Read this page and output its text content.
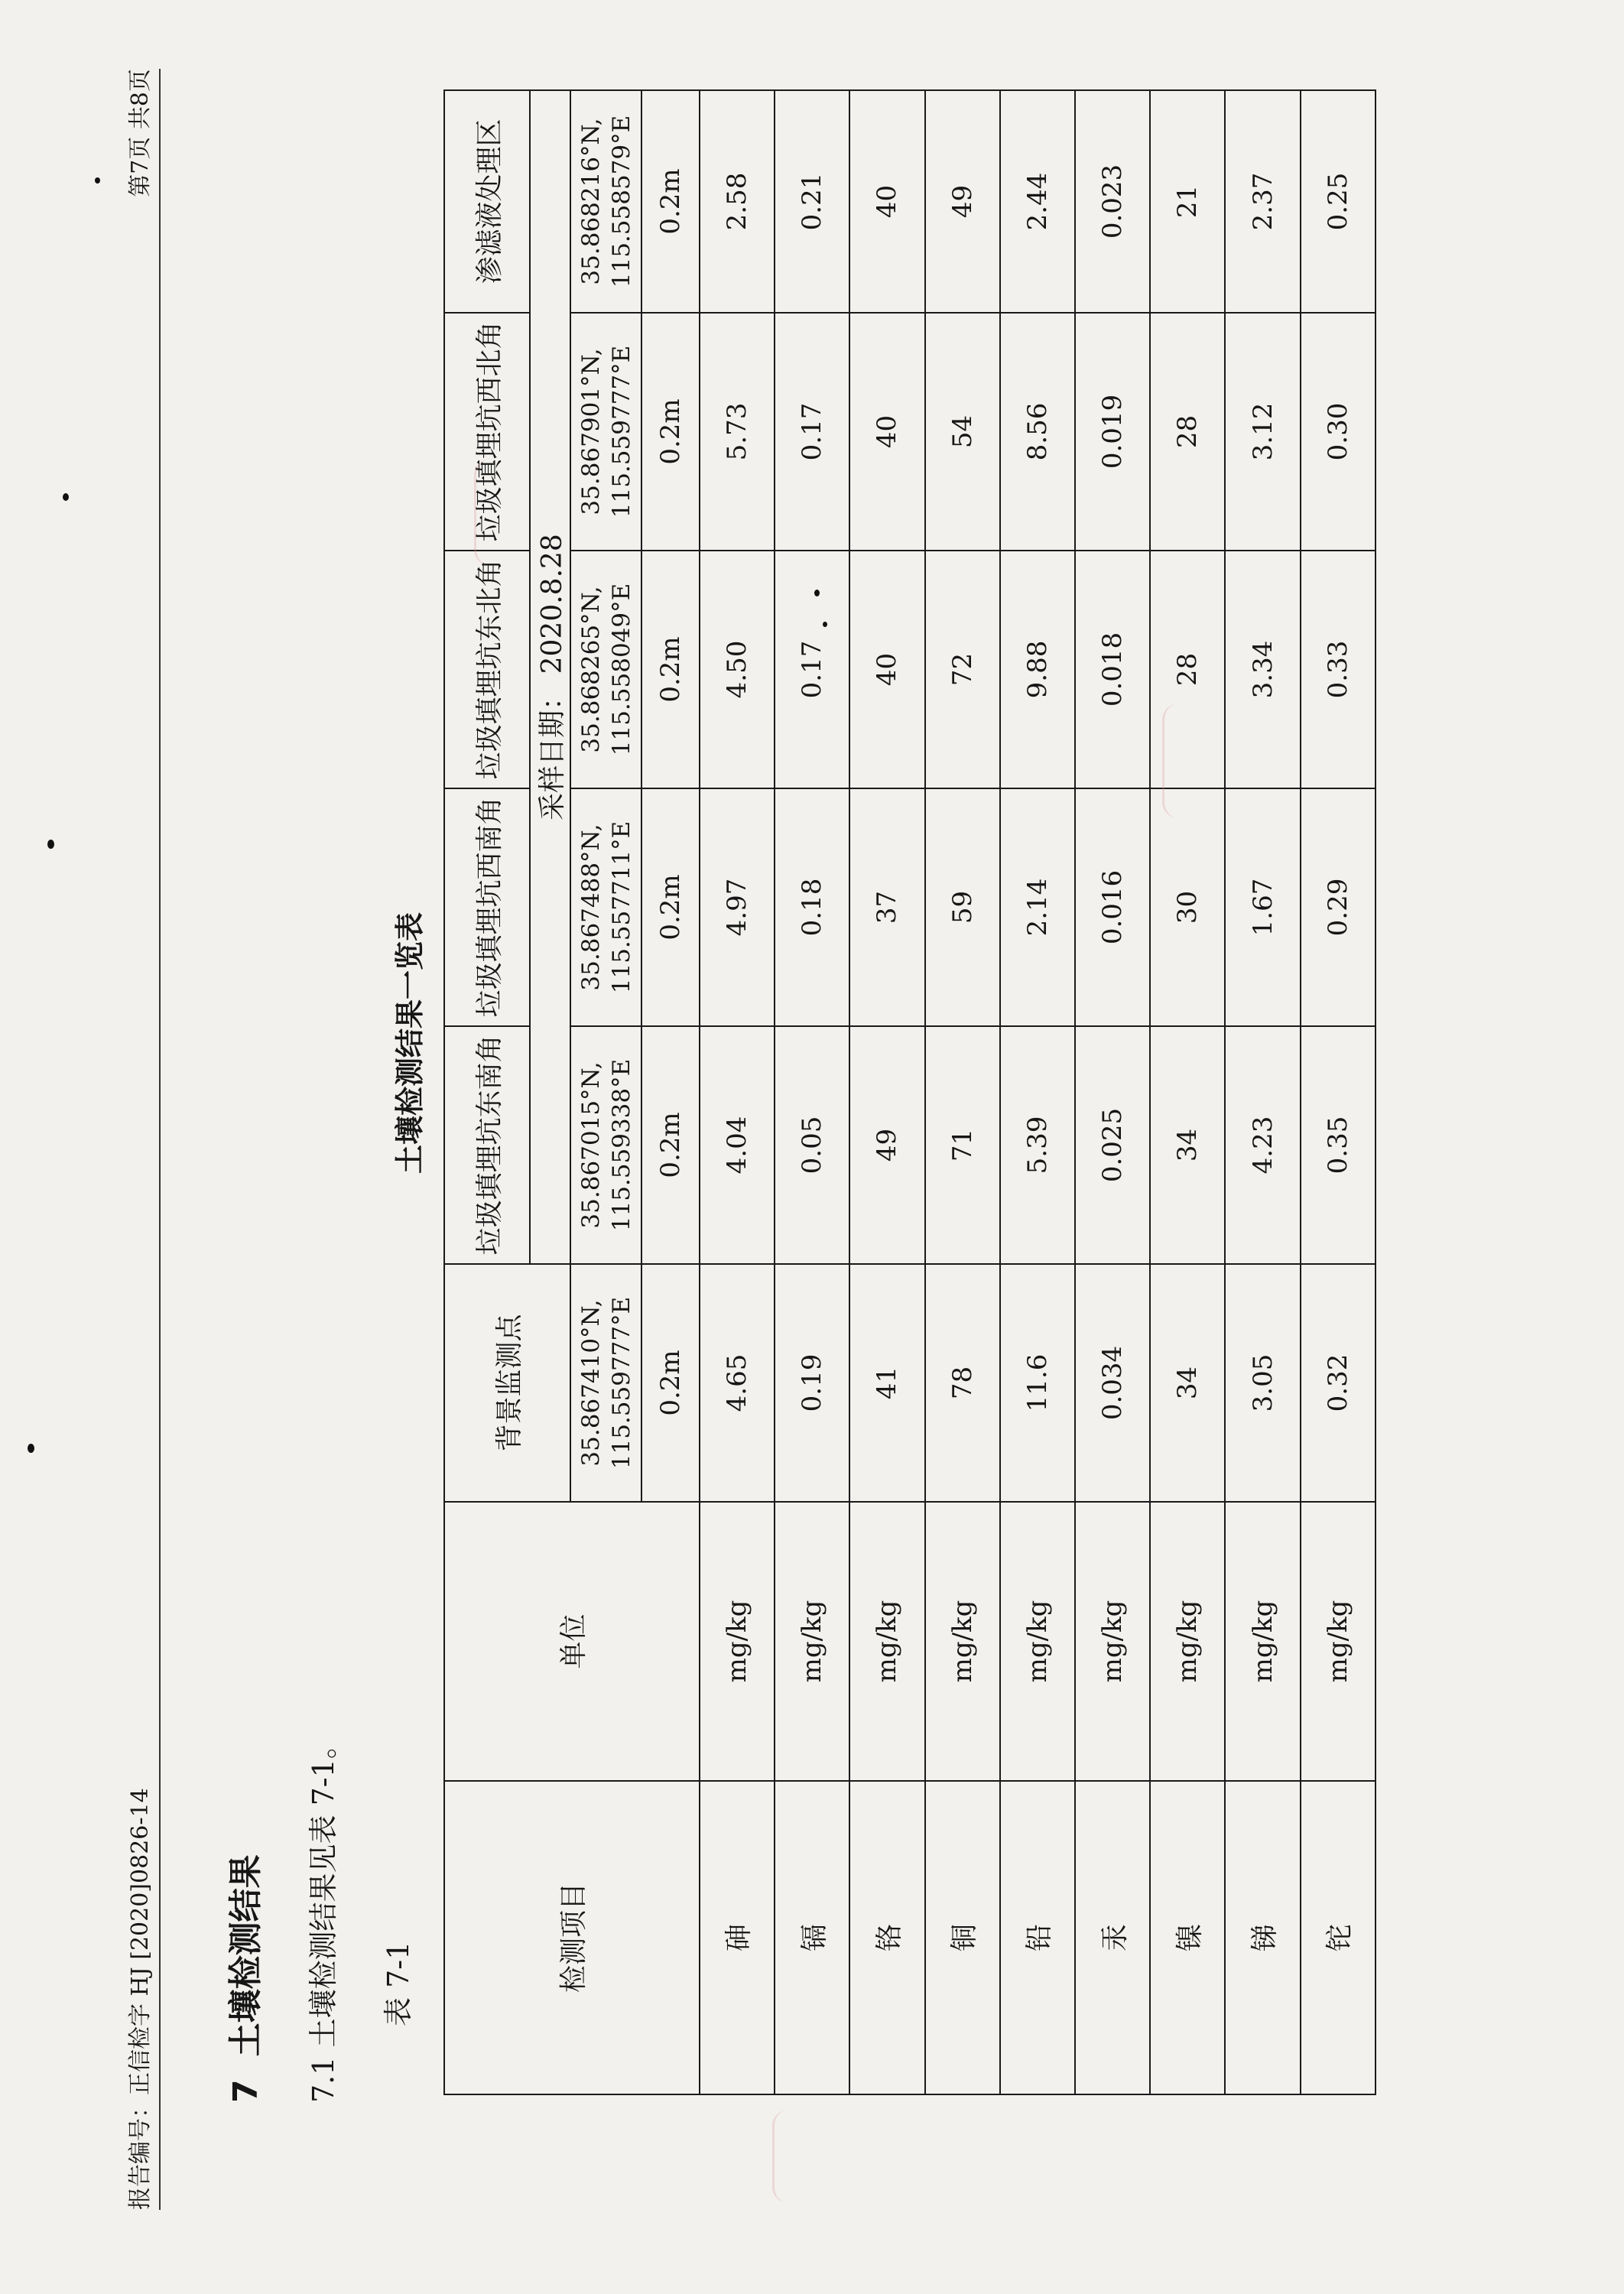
报告编号：正信检字 HJ [2020]0826-14
第7页 共8页
7土壤检测结果 7.1 土壤检测结果见表 7-1。 表 7-1
土壤检测结果一览表
检测项目	单位	背景监测点	垃圾填埋坑东南角	垃圾填埋坑西南角	垃圾填埋坑东北角	垃圾填埋坑西北角	渗滤液处理区
			采样日期： 2020.8.28				
		35.867410°N, 115.559777°E	35.867015°N, 115.559338°E	35.867488°N, 115.557711°E	35.868265°N, 115.558049°E	35.867901°N, 115.559777°E	35.868216°N, 115.558579°E
		0.2m	0.2m	0.2m	0.2m	0.2m	0.2m
砷	mg/kg	4.65	4.04	4.97	4.50	5.73	2.58
镉	mg/kg	0.19	0.05	0.18	0.17	0.17	0.21
铬	mg/kg	41	49	37	40	40	40
铜	mg/kg	78	71	59	72	54	49
铅	mg/kg	11.6	5.39	2.14	9.88	8.56	2.44
汞	mg/kg	0.034	0.025	0.016	0.018	0.019	0.023
镍	mg/kg	34	34	30	28	28	21
锑	mg/kg	3.05	4.23	1.67	3.34	3.12	2.37
铊	mg/kg	0.32	0.35	0.29	0.33	0.30	0.25
